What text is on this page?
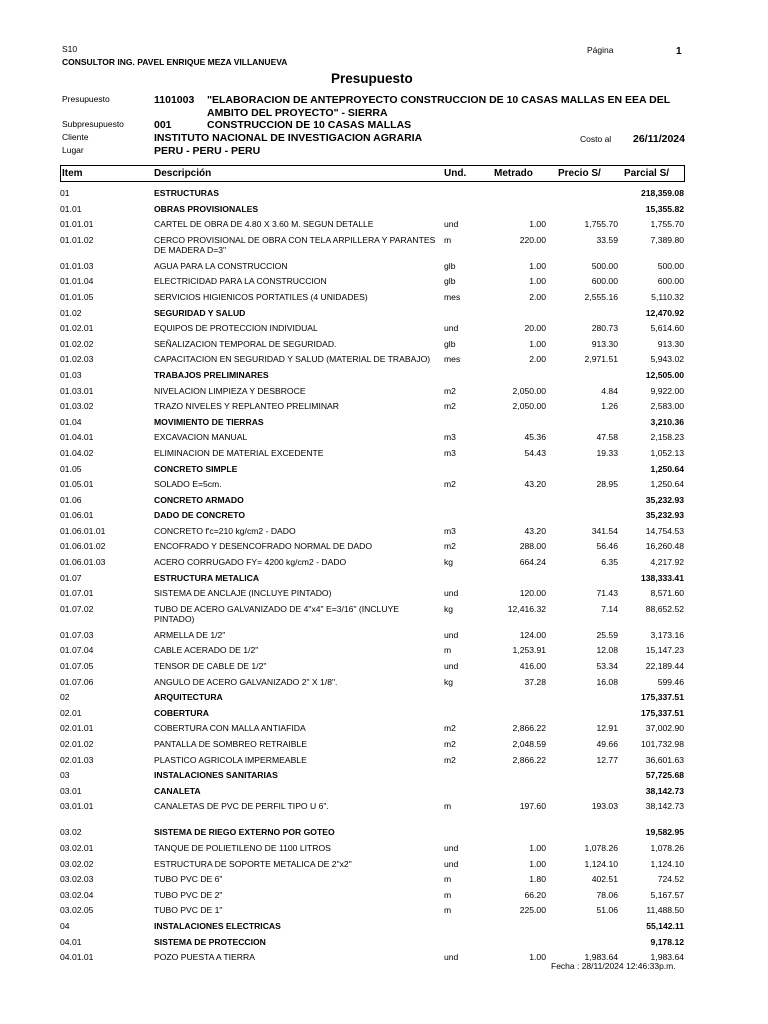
S10
CONSULTOR ING. PAVEL ENRIQUE MEZA VILLANUEVA
Página	1
Presupuesto
Presupuesto	1101003 "ELABORACION DE ANTEPROYECTO CONSTRUCCION DE 10 CASAS MALLAS EN EEA DEL
AMBITO DEL PROYECTO" - SIERRA
Subpresupuesto	001	CONSTRUCCION DE 10 CASAS MALLAS
Cliente	INSTITUTO NACIONAL DE INVESTIGACION AGRARIA	Costo al 26/11/2024
Lugar	PERU - PERU - PERU
Item	Descripción	Und.	Metrado	Precio S/ Parcial S/
01	ESTRUCTURAS	218,359.08
01.01	OBRAS PROVISIONALES	15,355.82
01.01.01	CARTEL DE OBRA DE 4.80 X 3.60 M. SEGUN DETALLE	und	1.00	1,755.70	1,755.70
01.01.02	CERCO PROVISIONAL DE OBRA CON TELA ARPILLERA Y PARANTES DE MADERA D=3"
m	220.00	33.59	7,389.80
01.01.03	AGUA PARA LA CONSTRUCCION	glb	1.00	500.00	500.00
01.01.04	ELECTRICIDAD PARA LA CONSTRUCCION	glb	1.00	600.00	600.00
01.01.05	SERVICIOS HIGIENICOS PORTATILES (4 UNIDADES)	mes	2.00	2,555.16	5,110.32
01.02	SEGURIDAD Y SALUD	12,470.92
01.02.01	EQUIPOS DE PROTECCION INDIVIDUAL	und	20.00	280.73	5,614.60
01.02.02	SEÑALIZACION TEMPORAL DE SEGURIDAD.	glb	1.00	913.30	913.30
01.02.03	CAPACITACION EN SEGURIDAD Y SALUD (MATERIAL DE TRABAJO)	mes	2.00	2,971.51	5,943.02
01.03	TRABAJOS PRELIMINARES	12,505.00
01.03.01	NIVELACION LIMPIEZA Y DESBROCE	m2	2,050.00	4.84	9,922.00
01.03.02	TRAZO NIVELES Y REPLANTEO PRELIMINAR	m2	2,050.00	1.26	2,583.00
01.04	MOVIMIENTO DE TIERRAS	3,210.36
01.04.01	EXCAVACION MANUAL	m3	45.36	47.58	2,158.23
01.04.02	ELIMINACION DE MATERIAL EXCEDENTE	m3	54.43	19.33	1,052.13
01.05	CONCRETO SIMPLE	1,250.64
01.05.01	SOLADO E=5cm.	m2	43.20	28.95	1,250.64
01.06	CONCRETO ARMADO	35,232.93
01.06.01	DADO DE CONCRETO	35,232.93
01.06.01.01	CONCRETO f'c=210 kg/cm2 - DADO	m3	43.20	341.54	14,754.53
01.06.01.02	ENCOFRADO Y DESENCOFRADO NORMAL DE DADO	m2	288.00	56.46	16,260.48
01.06.01.03	ACERO CORRUGADO FY= 4200 kg/cm2 - DADO	kg	664.24	6.35	4,217.92
01.07	ESTRUCTURA METALICA	138,333.41
01.07.01	SISTEMA DE ANCLAJE (INCLUYE PINTADO)	und	120.00	71.43	8,571.60
01.07.02	TUBO DE ACERO GALVANIZADO DE 4"x4" E=3/16" (INCLUYE PINTADO)
kg	12,416.32	7.14	88,652.52
01.07.03	ARMELLA DE 1/2"	und	124.00	25.59	3,173.16
01.07.04	CABLE ACERADO DE 1/2"	m	1,253.91	12.08	15,147.23
01.07.05	TENSOR DE CABLE DE 1/2"	und	416.00	53.34	22,189.44
01.07.06	ANGULO DE ACERO GALVANIZADO 2" X 1/8".	kg	37.28	16.08	599.46
02	ARQUITECTURA	175,337.51
02.01	COBERTURA	175,337.51
02.01.01	COBERTURA CON MALLA ANTIAFIDA	m2	2,866.22	12.91	37,002.90
02.01.02	PANTALLA DE SOMBREO RETRAIBLE	m2	2,048.59	49.66	101,732.98
02.01.03	PLASTICO AGRICOLA IMPERMEABLE	m2	2,866.22	12.77	36,601.63
03	INSTALACIONES SANITARIAS	57,725.68
03.01	CANALETA	38,142.73
03.01.01	CANALETAS DE PVC DE PERFIL TIPO U 6".	m	197.60	193.03	38,142.73
03.02	SISTEMA DE RIEGO EXTERNO POR GOTEO	19,582.95
03.02.01	TANQUE DE POLIETILENO DE 1100 LITROS	und	1.00	1,078.26	1,078.26
03.02.02	ESTRUCTURA DE SOPORTE METALICA DE 2"x2"	und	1.00	1,124.10	1,124.10
03.02.03	TUBO PVC DE 6"	m	1.80	402.51	724.52
03.02.04	TUBO PVC DE 2"	m	66.20	78.06	5,167.57
03.02.05	TUBO PVC DE 1"	m	225.00	51.06	11,488.50
04	INSTALACIONES ELECTRICAS	55,142.11
04.01	SISTEMA DE PROTECCION	9,178.12
04.01.01	POZO PUESTA A TIERRA	und	1.00	1,983.64	1,983.64
Fecha : 28/11/2024 12:46:33p.m.
